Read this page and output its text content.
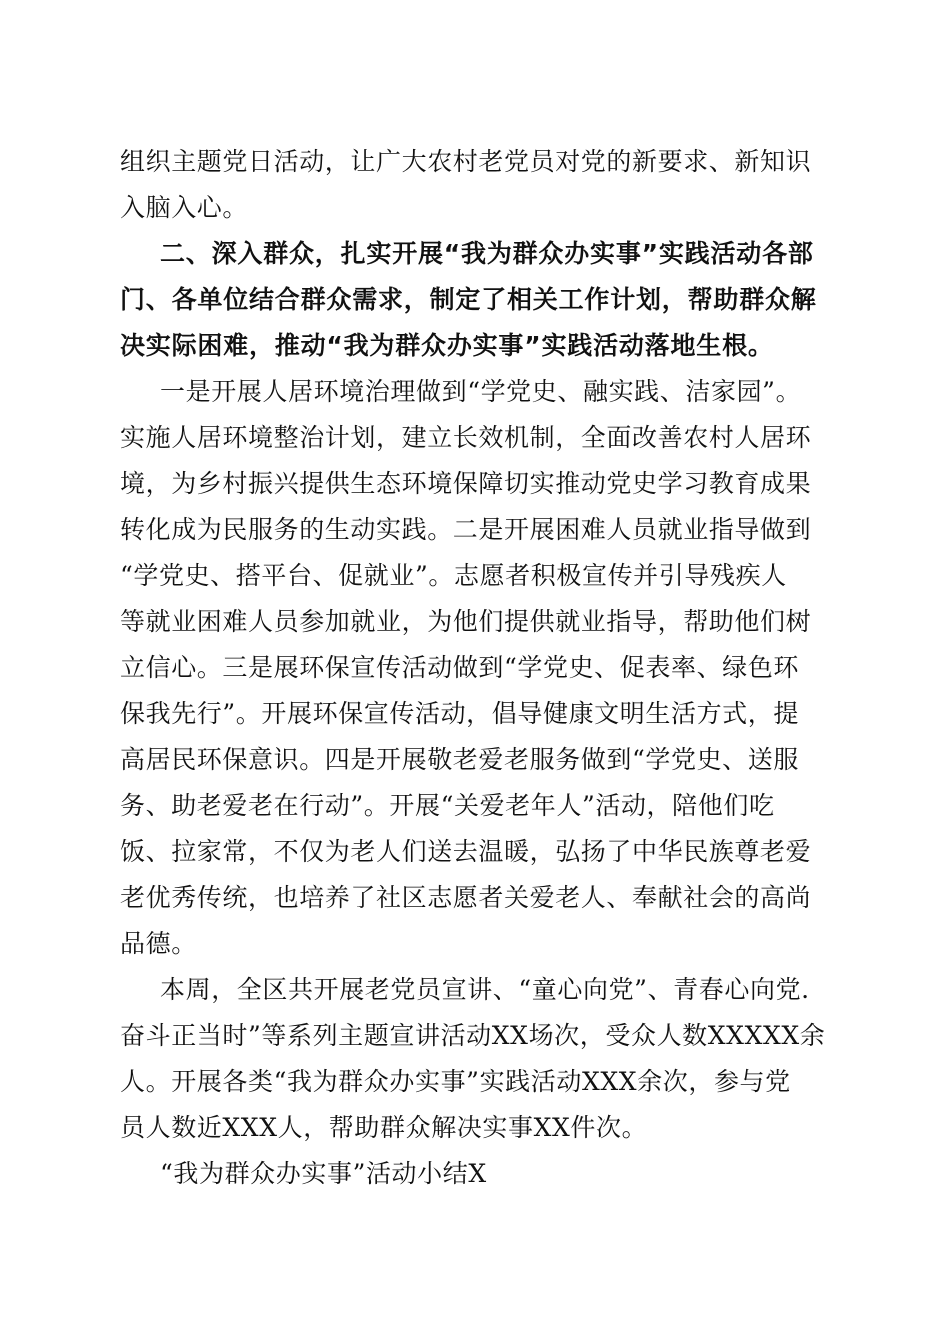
组织主题党日活动，让广大农村老党员对党的新要求、新知识
入脑入心。
二、深入群众，扎实开展“我为群众办实事”实践活动各部
门、各单位结合群众需求，制定了相关工作计划，帮助群众解
决实际困难，推动“我为群众办实事”实践活动落地生根。
一是开展人居环境治理做到“学党史、融实践、洁家园”。
实施人居环境整治计划，建立长效机制，全面改善农村人居环
境，为乡村振兴提供生态环境保障切实推动党史学习教育成果
转化成为民服务的生动实践。二是开展困难人员就业指导做到
“学党史、搭平台、促就业”。志愿者积极宣传并引导残疾人
等就业困难人员参加就业，为他们提供就业指导，帮助他们树
立信心。三是展环保宣传活动做到“学党史、促表率、绿色环
保我先行”。开展环保宣传活动，倡导健康文明生活方式，提
高居民环保意识。四是开展敬老爱老服务做到“学党史、送服
务、助老爱老在行动”。开展“关爱老年人”活动，陪他们吃
饭、拉家常，不仅为老人们送去温暖，弘扬了中华民族尊老爱
老优秀传统，也培养了社区志愿者关爱老人、奉献社会的高尚
品德。
本周，全区共开展老党员宣讲、“童心向党”、青春心向党.
奋斗正当时”等系列主题宣讲活动XX场次，受众人数XXXXX余
人。开展各类“我为群众办实事”实践活动XXX余次，参与党
员人数近XXX人，帮助群众解决实事XX件次。
“我为群众办实事”活动小结X
